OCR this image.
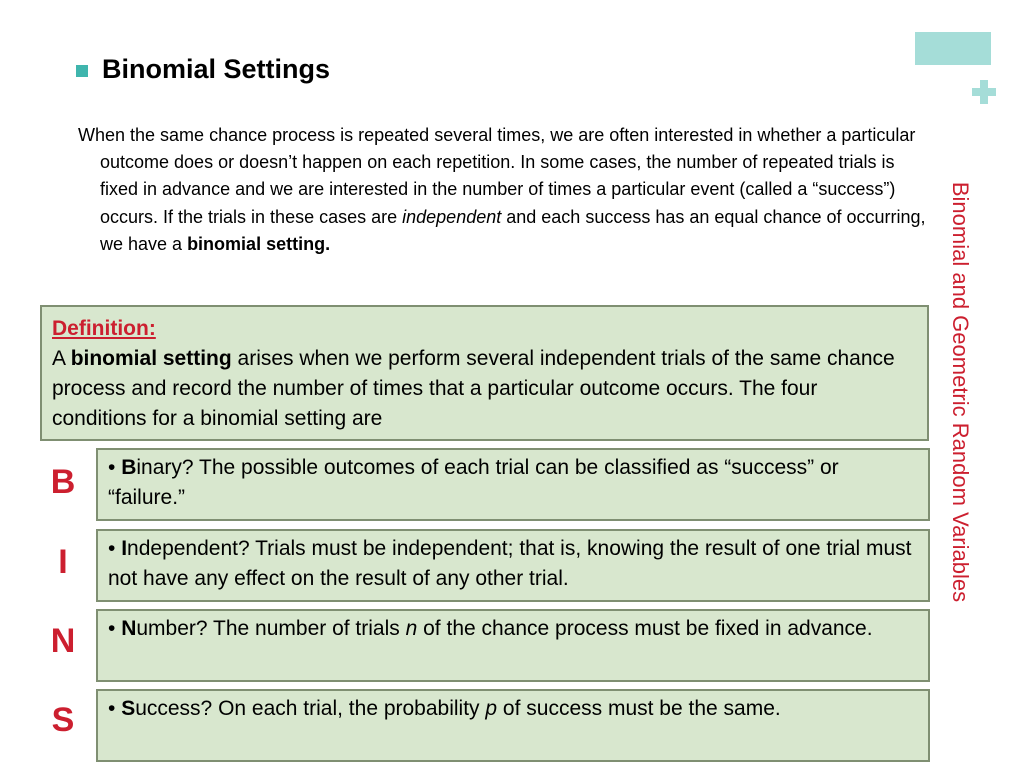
Binomial and Geometric Random Variables
Binomial Settings
When the same chance process is repeated several times, we are often interested in whether a particular outcome does or doesn’t happen on each repetition. In some cases, the number of repeated trials is fixed in advance and we are interested in the number of times a particular event (called a “success”) occurs. If the trials in these cases are independent and each success has an equal chance of occurring, we have a binomial setting.
Definition:
A binomial setting arises when we perform several independent trials of the same chance process and record the number of times that a particular outcome occurs. The four conditions for a binomial setting are
B	• Binary? The possible outcomes of each trial can be classified as “success” or “failure.”
I	• Independent? Trials must be independent; that is, knowing the result of one trial must not have any effect on the result of any other trial.
N	• Number? The number of trials n of the chance process must be fixed in advance.
S	• Success? On each trial, the probability p of success must be the same.
